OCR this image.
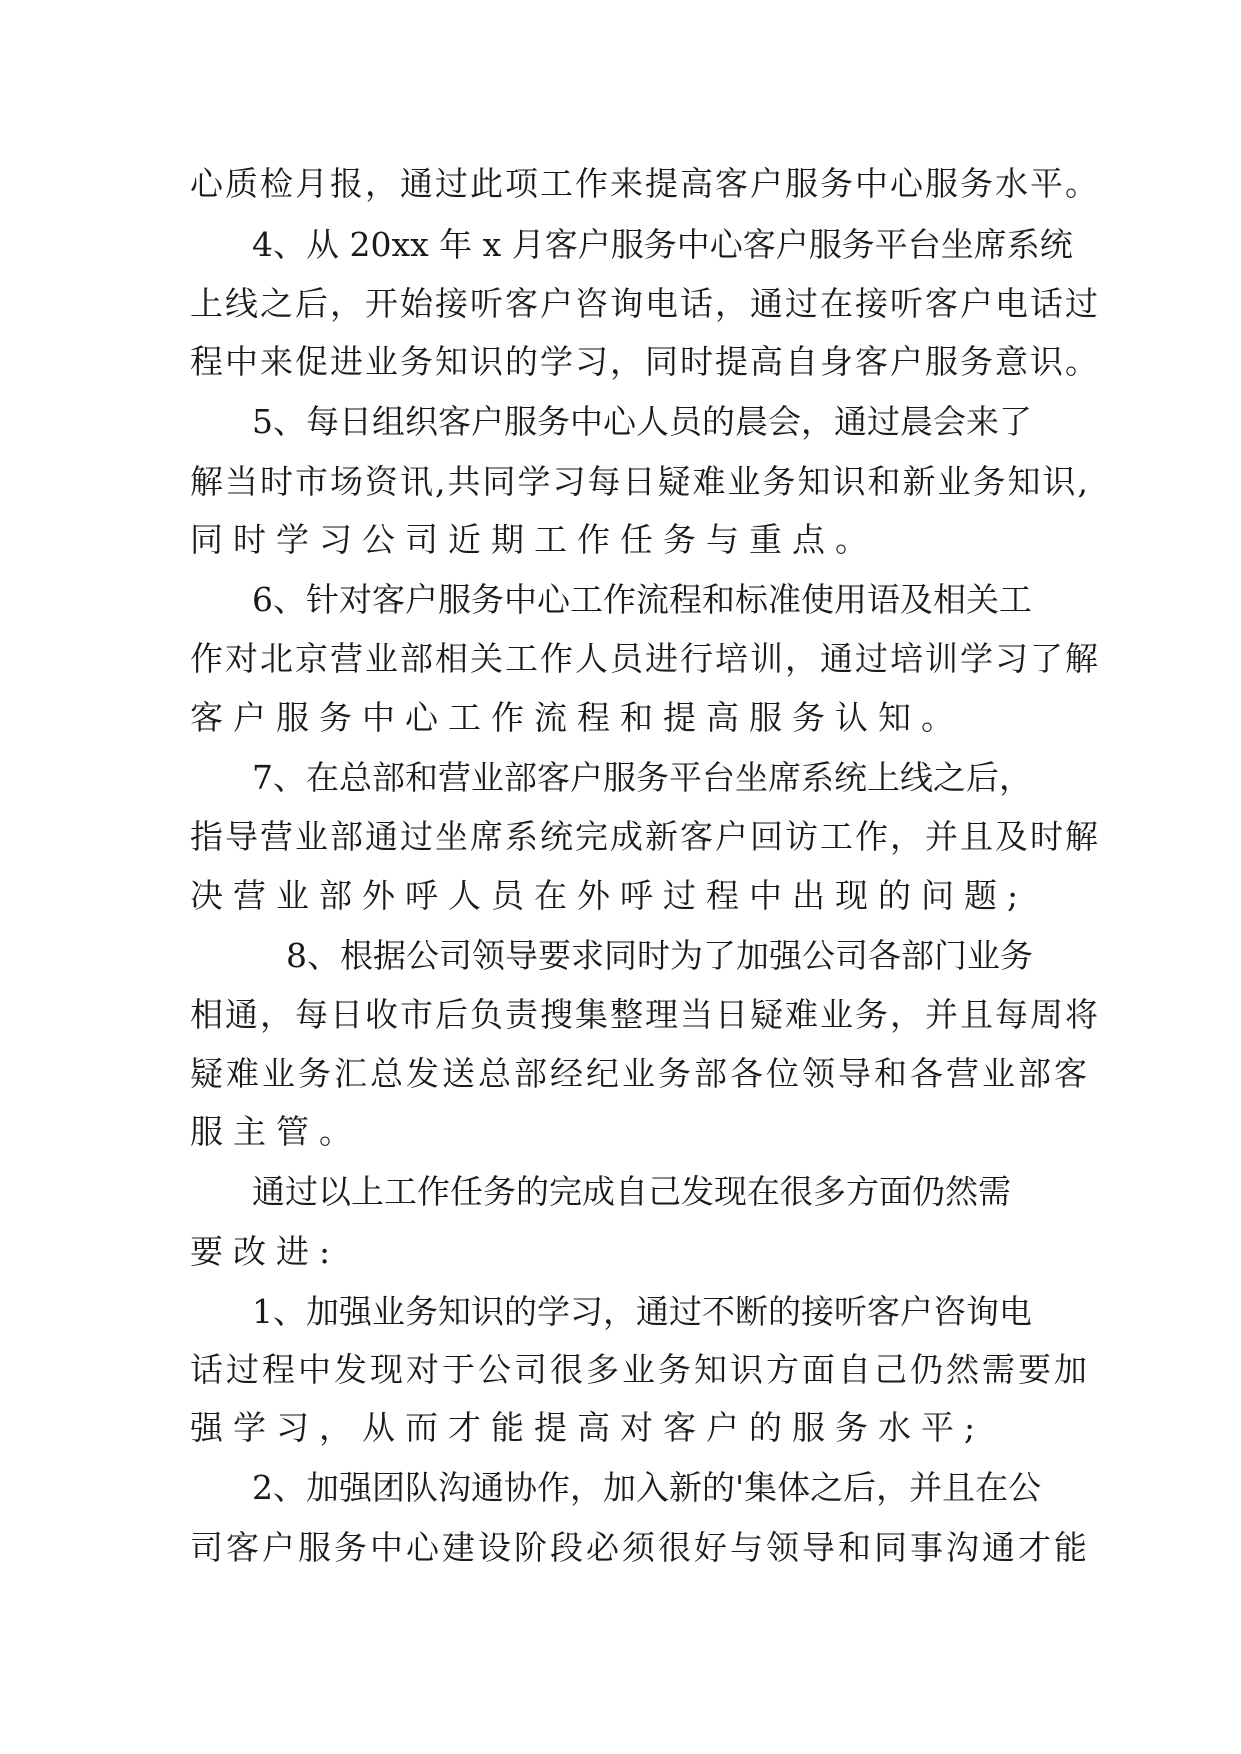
心质检月报，通过此项工作来提高客户服务中心服务水平。
4、从 20xx 年 x 月客户服务中心客户服务平台坐席系统
上线之后，开始接听客户咨询电话，通过在接听客户电话过
程中来促进业务知识的学习，同时提高自身客户服务意识。
5、每日组织客户服务中心人员的晨会，通过晨会来了
解当时市场资讯,共同学习每日疑难业务知识和新业务知识,
同时学习公司近期工作任务与重点。
6、针对客户服务中心工作流程和标准使用语及相关工
作对北京营业部相关工作人员进行培训，通过培训学习了解
客户服务中心工作流程和提高服务认知。
7、在总部和营业部客户服务平台坐席系统上线之后，
指导营业部通过坐席系统完成新客户回访工作，并且及时解
决营业部外呼人员在外呼过程中出现的问题;
8、根据公司领导要求同时为了加强公司各部门业务
相通，每日收市后负责搜集整理当日疑难业务，并且每周将
疑难业务汇总发送总部经纪业务部各位领导和各营业部客
服主管。
通过以上工作任务的完成自己发现在很多方面仍然需
要改进:
1、加强业务知识的学习，通过不断的接听客户咨询电
话过程中发现对于公司很多业务知识方面自己仍然需要加
强学习，从而才能提高对客户的服务水平;
2、加强团队沟通协作，加入新的'集体之后，并且在公
司客户服务中心建设阶段必须很好与领导和同事沟通才能
